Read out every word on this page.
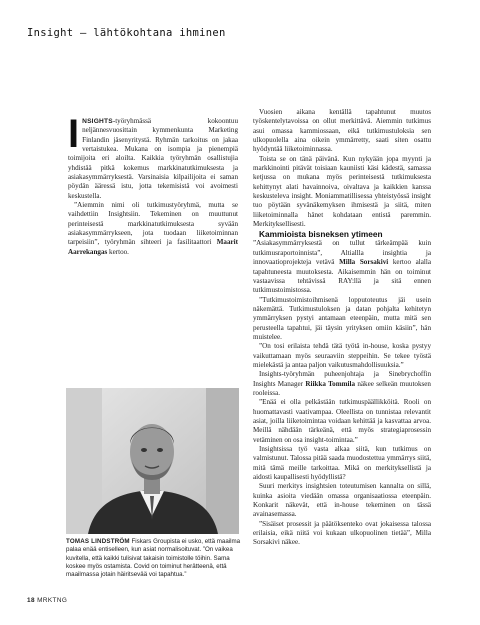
Insight – lähtökohtana ihminen

INSIGHTS-työryhmässä kokoontuu neljännesvuosittain kymmenkunta Marketing Finlandin jäsenyritystä. Ryhmän tarkoitus on jakaa vertaistukea. Mukana on isompia ja pienempiä toimijoita eri aloilta. Kaikkia työryhmän osallistujia yhdistää pitkä kokemus markkinatutkimuksesta ja asiakasymmärryksestä. Varsinaisia kilpailijoita ei saman pöydän ääressä istu, jotta tekemisistä voi avoimesti keskustella.

”Aiemmin nimi oli tutkimustyöryhmä, mutta se vaihdettiin Insightsiin. Tekeminen on muuttunut perinteisestä markkinatutkimuksesta syvään asiakasymmärrykseen, jota tuodaan liiketoiminnan tarpeisiin”, työryhmän sihteeri ja fasilitaattori Maarit Aarrekangas kertoo.

TOMAS LINDSTRÖM Fiskars Groupista ei usko, että maailma palaa enää entiselleen, kun asiat normalisoituvat. ”On vaikea kuvitella, että kaikki tulisivat takaisin toimistolle töihin. Sama koskee myös ostamista. Covid on toiminut herätteenä, että maailmassa jotain häiritsevää voi tapahtua.”

Vuosien aikana kentällä tapahtunut muutos työskentelytavoissa on ollut merkittävä. Aiemmin tutkimus asui omassa kammiossaan, eikä tutkimustuloksia sen ulkopuolella aina oikein ymmärretty, saati siten osattu hyödyntää liiketoiminnassa.

Toista se on tänä päivänä. Kun nykyään jopa myynti ja markkinointi pitävät toisiaan kauniisti käsi kädestä, samassa ketjussa on mukana myös perinteisestä tutkimuksesta kehittynyt alati havainnoiva, oivaltava ja kaikkien kanssa keskusteleva insight. Moniammatillisessa yhteistyössä insight tuo pöytään syvänäkemyksen ihmisestä ja siitä, miten liiketoiminnalla hänet kohdataan entistä paremmin. Merkityksellisesti.

Kammioista bisneksen ytimeen

”Asiakasymmärryksestä on tullut tärkeämpää kuin tutkimusraportoinnista”, Altiallla insightia ja innovaatioprojekteja vetävä Milla Sorsakivi kertoo alalla tapahtuneesta muutoksesta. Aikaisemmin hän on toiminut vastaavissa tehtävissä RAY:llä ja sitä ennen tutkimustoimistossa.

”Tutkimustoimistoihmisenä lopputoteutus jäi usein näkemättä. Tutkimustuloksen ja datan pohjalta kehitetyn ymmärryksen pystyi antamaan eteenpäin, mutta mitä sen perusteella tapahtui, jäi täysin yrityksen omiin käsiin”, hän muistelee.

”On tosi erilaista tehdä tätä työtä in-house, koska pystyy vaikuttamaan myös seuraaviin steppeihin. Se tekee työstä mielekästä ja antaa paljon vaikutusmahdollisuuksia.”

Insights-työryhmän puheenjohtaja ja Sinebrychoffin Insights Manager Riikka Tommila näkee selkeän muutoksen rooleissa.

”Enää ei olla pelkästään tutkimuspäällikköitä. Rooli on huomattavasti vaativampaa. Oleellista on tunnistaa relevantit asiat, joilla liiketoimintaa voidaan kehittää ja kasvattaa arvoa. Meillä nähdään tärkeänä, että myös strategiaprosessin vetäminen on osa insight-toimintaa.”

Insightsissa työ vasta alkaa siitä, kun tutkimus on valmistunut. Talossa pitää saada muodostettua ymmärrys siitä, mitä tämä meille tarkoittaa. Mikä on merkityksellistä ja aidosti kaupallisesti hyödyllistä?

Suuri merkitys insightsien toteutumisen kannalta on sillä, kuinka asioita viedään omassa organisaatiossa eteenpäin. Konkarit näkevät, että in-house tekeminen on tässä avainasemassa.

”Sisäiset prosessit ja päätöksenteko ovat jokaisessa talossa erilaisia, eikä niitä voi kukaan ulkopuolinen tietää”, Milla Sorsakivi näkee.

18 MRKTNG
